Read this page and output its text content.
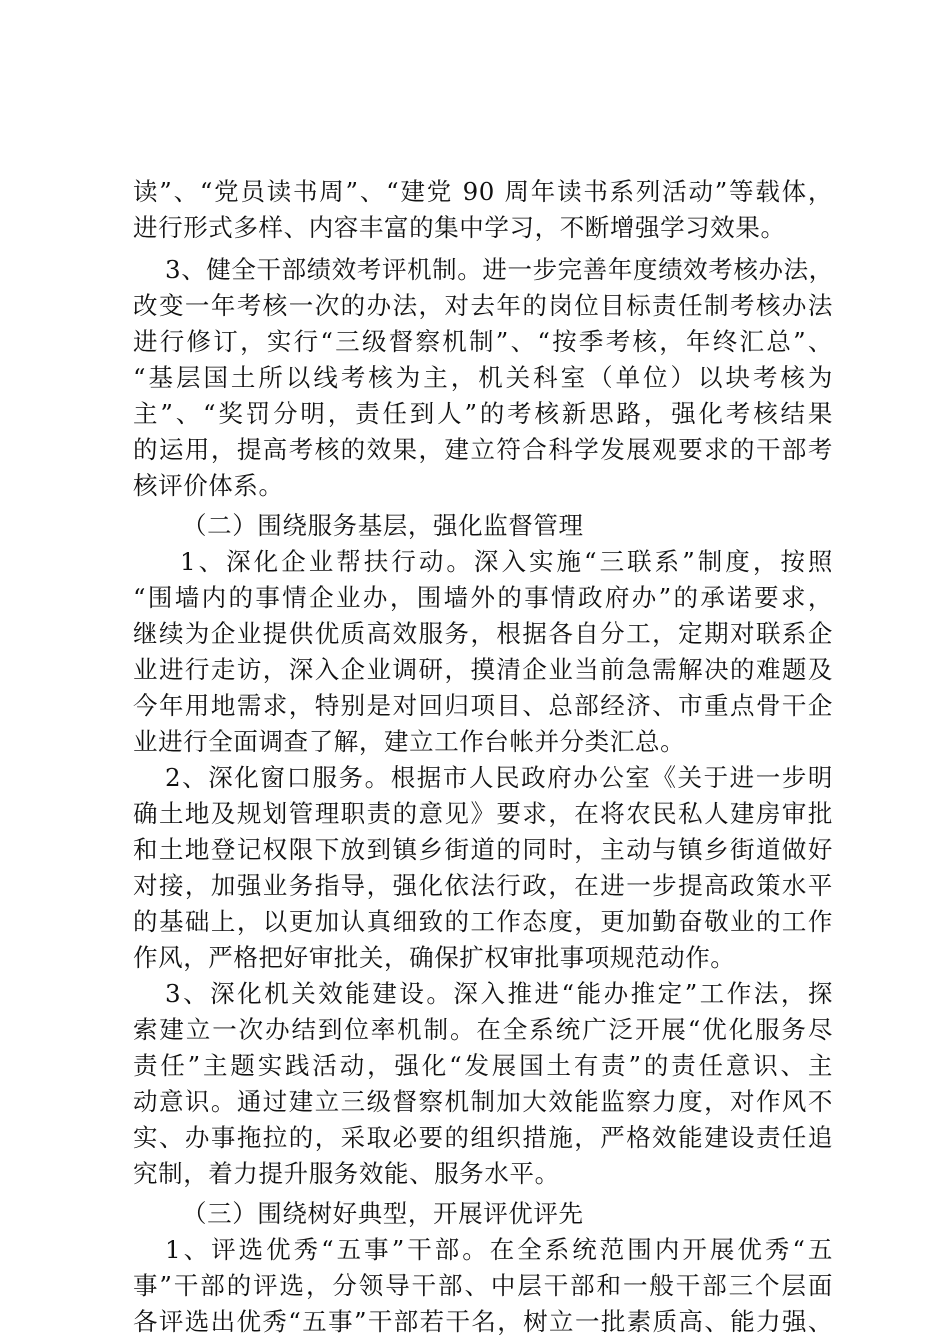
读”、“党员读书周”、“建党 90 周年读书系列活动”等载体，
进行形式多样、内容丰富的集中学习，不断增强学习效果。
3、健全干部绩效考评机制。进一步完善年度绩效考核办法，
改变一年考核一次的办法，对去年的岗位目标责任制考核办法
进行修订，实行“三级督察机制”、“按季考核，年终汇总”、
“基层国土所以线考核为主，机关科室（单位）以块考核为
主”、“奖罚分明，责任到人”的考核新思路，强化考核结果
的运用，提高考核的效果，建立符合科学发展观要求的干部考
核评价体系。
（二）围绕服务基层，强化监督管理
1、深化企业帮扶行动。深入实施“三联系”制度，按照
“围墙内的事情企业办，围墙外的事情政府办”的承诺要求，
继续为企业提供优质高效服务，根据各自分工，定期对联系企
业进行走访，深入企业调研，摸清企业当前急需解决的难题及
今年用地需求，特别是对回归项目、总部经济、市重点骨干企
业进行全面调查了解，建立工作台帐并分类汇总。
2、深化窗口服务。根据市人民政府办公室《关于进一步明
确土地及规划管理职责的意见》要求，在将农民私人建房审批
和土地登记权限下放到镇乡街道的同时，主动与镇乡街道做好
对接，加强业务指导，强化依法行政，在进一步提高政策水平
的基础上，以更加认真细致的工作态度，更加勤奋敬业的工作
作风，严格把好审批关，确保扩权审批事项规范动作。
3、深化机关效能建设。深入推进“能办推定”工作法，探
索建立一次办结到位率机制。在全系统广泛开展“优化服务尽
责任”主题实践活动，强化“发展国土有责”的责任意识、主
动意识。通过建立三级督察机制加大效能监察力度，对作风不
实、办事拖拉的，采取必要的组织措施，严格效能建设责任追
究制，着力提升服务效能、服务水平。
（三）围绕树好典型，开展评优评先
1、评选优秀“五事”干部。在全系统范围内开展优秀“五
事”干部的评选，分领导干部、中层干部和一般干部三个层面
各评选出优秀“五事”干部若干名，树立一批素质高、能力强、
